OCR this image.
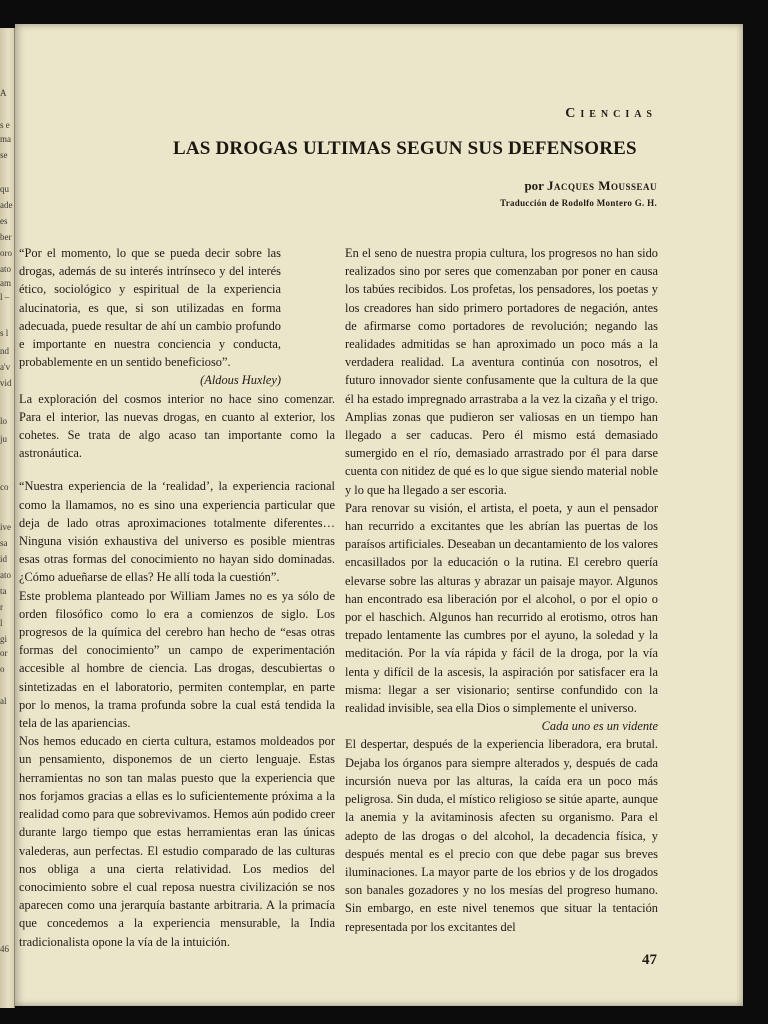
A
s e
ma
se
qu
ade
es
ber
oro
ato
am
l –
s l
nd
a'v
vid
lo
ju
co
ive
sa
id
ato
ta
r
l
gi
or
o
al
46
Ciencias
LAS DROGAS ULTIMAS SEGUN SUS DEFENSORES
por Jacques Mousseau
Traducción de Rodolfo Montero G. H.

“Por el momento, lo que se pueda decir sobre las drogas, además de su interés intrínseco y del interés ético, sociológico y espiritual de la experiencia alucinatoria, es que, si son utilizadas en forma adecuada, puede resultar de ahí un cambio profundo e importante en nuestra conciencia y conducta, probablemente en un sentido beneficioso”.

(Aldous Huxley)

La exploración del cosmos interior no hace sino comenzar. Para el interior, las nuevas drogas, en cuanto al exterior, los cohetes. Se trata de algo acaso tan importante como la astronáutica.

“Nuestra experiencia de la ‘realidad’, la experiencia racional como la llamamos, no es sino una experiencia particular que deja de lado otras aproximaciones totalmente diferentes… Ninguna visión exhaustiva del universo es posible mientras esas otras formas del conocimiento no hayan sido dominadas. ¿Cómo adueñarse de ellas? He allí toda la cuestión”.

Este problema planteado por William James no es ya sólo de orden filosófico como lo era a comienzos de siglo. Los progresos de la química del cerebro han hecho de “esas otras formas del conocimiento” un campo de experimentación accesible al hombre de ciencia. Las drogas, descubiertas o sintetizadas en el laboratorio, permiten contemplar, en parte por lo menos, la trama profunda sobre la cual está tendida la tela de las apariencias.

Nos hemos educado en cierta cultura, estamos moldeados por un pensamiento, disponemos de un cierto lenguaje. Estas herramientas no son tan malas puesto que la experiencia que nos forjamos gracias a ellas es lo suficientemente próxima a la realidad como para que sobrevivamos. Hemos aún podido creer durante largo tiempo que estas herramientas eran las únicas valederas, aun perfectas. El estudio comparado de las culturas nos obliga a una cierta relatividad. Los medios del conocimiento sobre el cual reposa nuestra civilización se nos aparecen como una jerarquía bastante arbitraria. A la primacía que concedemos a la experiencia mensurable, la India tradicionalista opone la vía de la intuición.

En el seno de nuestra propia cultura, los progresos no han sido realizados sino por seres que comenzaban por poner en causa los tabúes recibidos. Los profetas, los pensadores, los poetas y los creadores han sido primero portadores de negación, antes de afirmarse como portadores de revolución; negando las realidades admitidas se han aproximado un poco más a la verdadera realidad. La aventura continúa con nosotros, el futuro innovador siente confusamente que la cultura de la que él ha estado impregnado arrastraba a la vez la cizaña y el trigo. Amplias zonas que pudieron ser valiosas en un tiempo han llegado a ser caducas. Pero él mismo está demasiado sumergido en el río, demasiado arrastrado por él para darse cuenta con nitidez de qué es lo que sigue siendo material noble y lo que ha llegado a ser escoria.

Para renovar su visión, el artista, el poeta, y aun el pensador han recurrido a excitantes que les abrían las puertas de los paraísos artificiales. Deseaban un decantamiento de los valores encasillados por la educación o la rutina. El cerebro quería elevarse sobre las alturas y abrazar un paisaje mayor. Algunos han encontrado esa liberación por el alcohol, o por el opio o por el haschich. Algunos han recurrido al erotismo, otros han trepado lentamente las cumbres por el ayuno, la soledad y la meditación. Por la vía rápida y fácil de la droga, por la vía lenta y difícil de la ascesis, la aspiración por satisfacer era la misma: llegar a ser visionario; sentirse confundido con la realidad invisible, sea ella Dios o simplemente el universo.

Cada uno es un vidente

El despertar, después de la experiencia liberadora, era brutal. Dejaba los órganos para siempre alterados y, después de cada incursión nueva por las alturas, la caída era un poco más peligrosa. Sin duda, el místico religioso se sitúe aparte, aunque la anemia y la avitaminosis afecten su organismo. Para el adepto de las drogas o del alcohol, la decadencia física, y después mental es el precio con que debe pagar sus breves iluminaciones. La mayor parte de los ebrios y de los drogados son banales gozadores y no los mesías del progreso humano. Sin embargo, en este nivel tenemos que situar la tentación representada por los excitantes del

47
